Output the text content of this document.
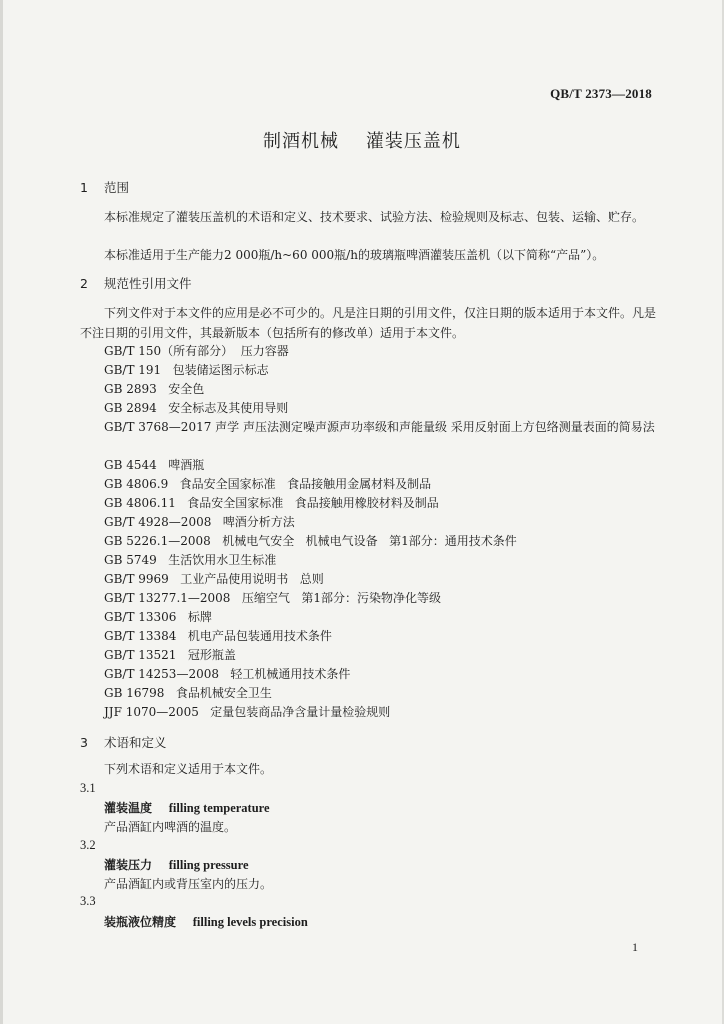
QB/T 2373—2018
制酒机械    灌装压盖机
1 范围
本标准规定了灌装压盖机的术语和定义、技术要求、试验方法、检验规则及标志、包装、运输、贮存。
本标准适用于生产能力2 000瓶/h~60 000瓶/h的玻璃瓶啤酒灌装压盖机（以下简称“产品”）。
2 规范性引用文件
下列文件对于本文件的应用是必不可少的。凡是注日期的引用文件，仅注日期的版本适用于本文件。凡是不注日期的引用文件，其最新版本（包括所有的修改单）适用于本文件。
GB/T 150（所有部分）  压力容器
GB/T 191   包装储运图示标志
GB 2893   安全色
GB 2894   安全标志及其使用导则
GB/T 3768—2017 声学 声压法测定噪声源声功率级和声能量级 采用反射面上方包络测量表面的简易法
GB 4544   啤酒瓶
GB 4806.9   食品安全国家标准   食品接触用金属材料及制品
GB 4806.11   食品安全国家标准   食品接触用橡胶材料及制品
GB/T 4928—2008   啤酒分析方法
GB 5226.1—2008   机械电气安全   机械电气设备   第1部分：通用技术条件
GB 5749   生活饮用水卫生标准
GB/T 9969   工业产品使用说明书   总则
GB/T 13277.1—2008   压缩空气   第1部分：污染物净化等级
GB/T 13306   标牌
GB/T 13384   机电产品包装通用技术条件
GB/T 13521   冠形瓶盖
GB/T 14253—2008   轻工机械通用技术条件
GB 16798   食品机械安全卫生
JJF 1070—2005   定量包装商品净含量计量检验规则
3 术语和定义
下列术语和定义适用于本文件。
3.1
灌装温度 filling temperature
产品酒缸内啤酒的温度。
3.2
灌装压力 filling pressure
产品酒缸内或背压室内的压力。
3.3
装瓶液位精度 filling levels precision
1
